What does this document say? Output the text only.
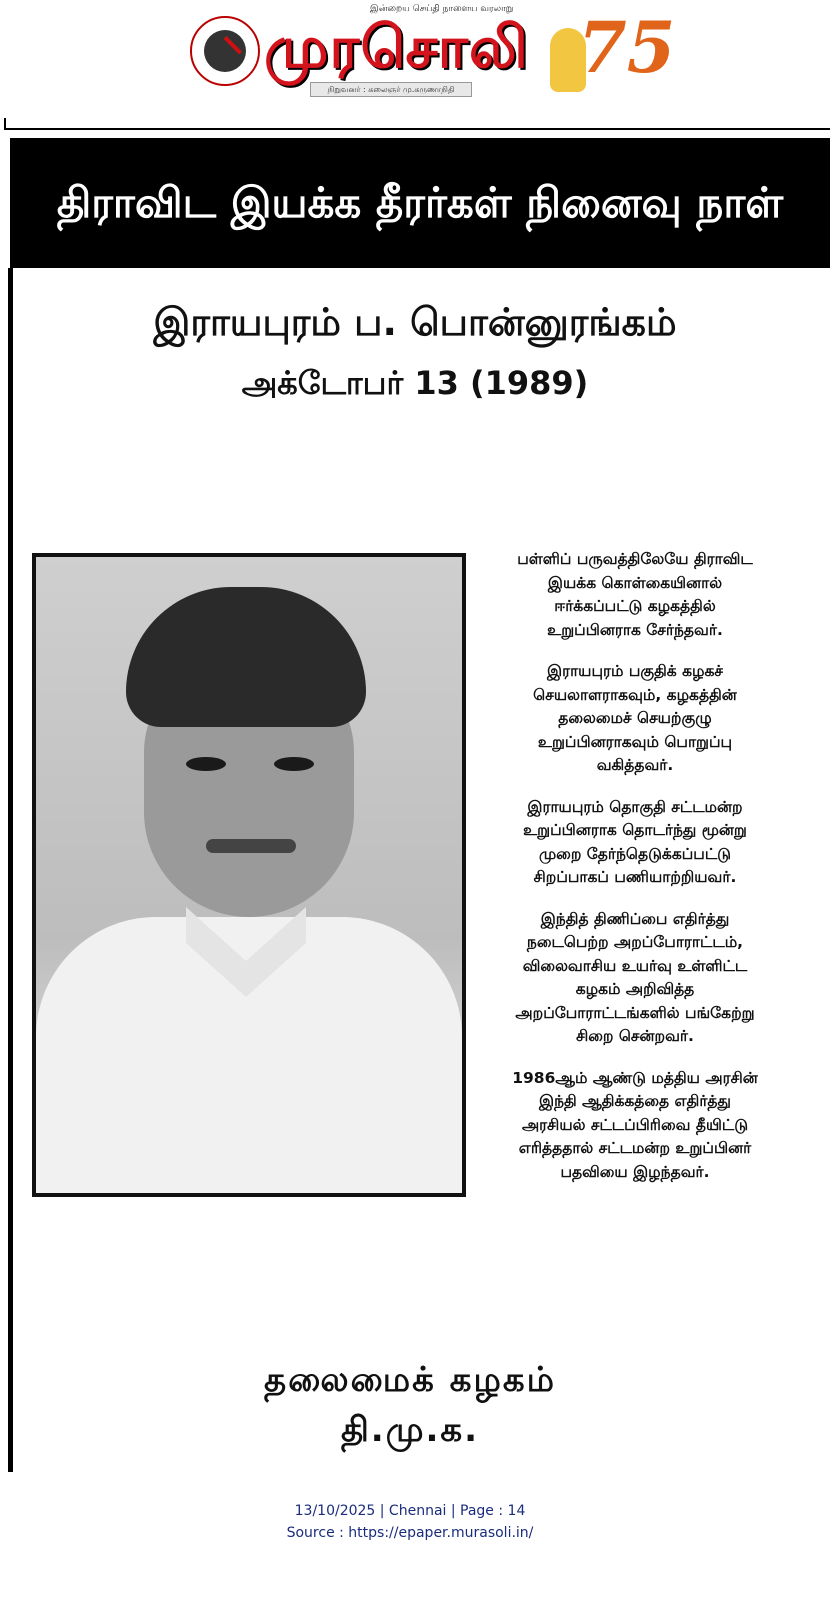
இன்றைய செய்தி நாளைய வரலாறு
முரசொலி
நிறுவனர் : கலைஞர் மு.கருணாநிதி
75
திராவிட இயக்க தீரர்கள் நினைவு நாள்
இராயபுரம் ப. பொன்னுரங்கம்
அக்டோபர் 13 (1989)

பள்ளிப் பருவத்திலேயே திராவிட
இயக்க கொள்கையினால்
ஈர்க்கப்பட்டு கழகத்தில்
உறுப்பினராக சேர்ந்தவர்.

இராயபுரம் பகுதிக் கழகச்
செயலாளராகவும், கழகத்தின்
தலைமைச் செயற்குழு
உறுப்பினராகவும் பொறுப்பு
வகித்தவர்.

இராயபுரம் தொகுதி சட்டமன்ற
உறுப்பினராக தொடர்ந்து மூன்று
முறை தேர்ந்தெடுக்கப்பட்டு
சிறப்பாகப் பணியாற்றியவர்.

இந்தித் திணிப்பை எதிர்த்து
நடைபெற்ற அறப்போராட்டம்,
விலைவாசிய உயர்வு உள்ளிட்ட
கழகம் அறிவித்த
அறப்போராட்டங்களில் பங்கேற்று
சிறை சென்றவர்.

1986ஆம் ஆண்டு மத்திய அரசின்
இந்தி ஆதிக்கத்தை எதிர்த்து
அரசியல் சட்டப்பிரிவை தீயிட்டு
எரித்ததால் சட்டமன்ற உறுப்பினர்
பதவியை இழந்தவர்.

தலைமைக் கழகம்
தி.மு.க.
13/10/2025 | Chennai | Page : 14
Source : https://epaper.murasoli.in/
